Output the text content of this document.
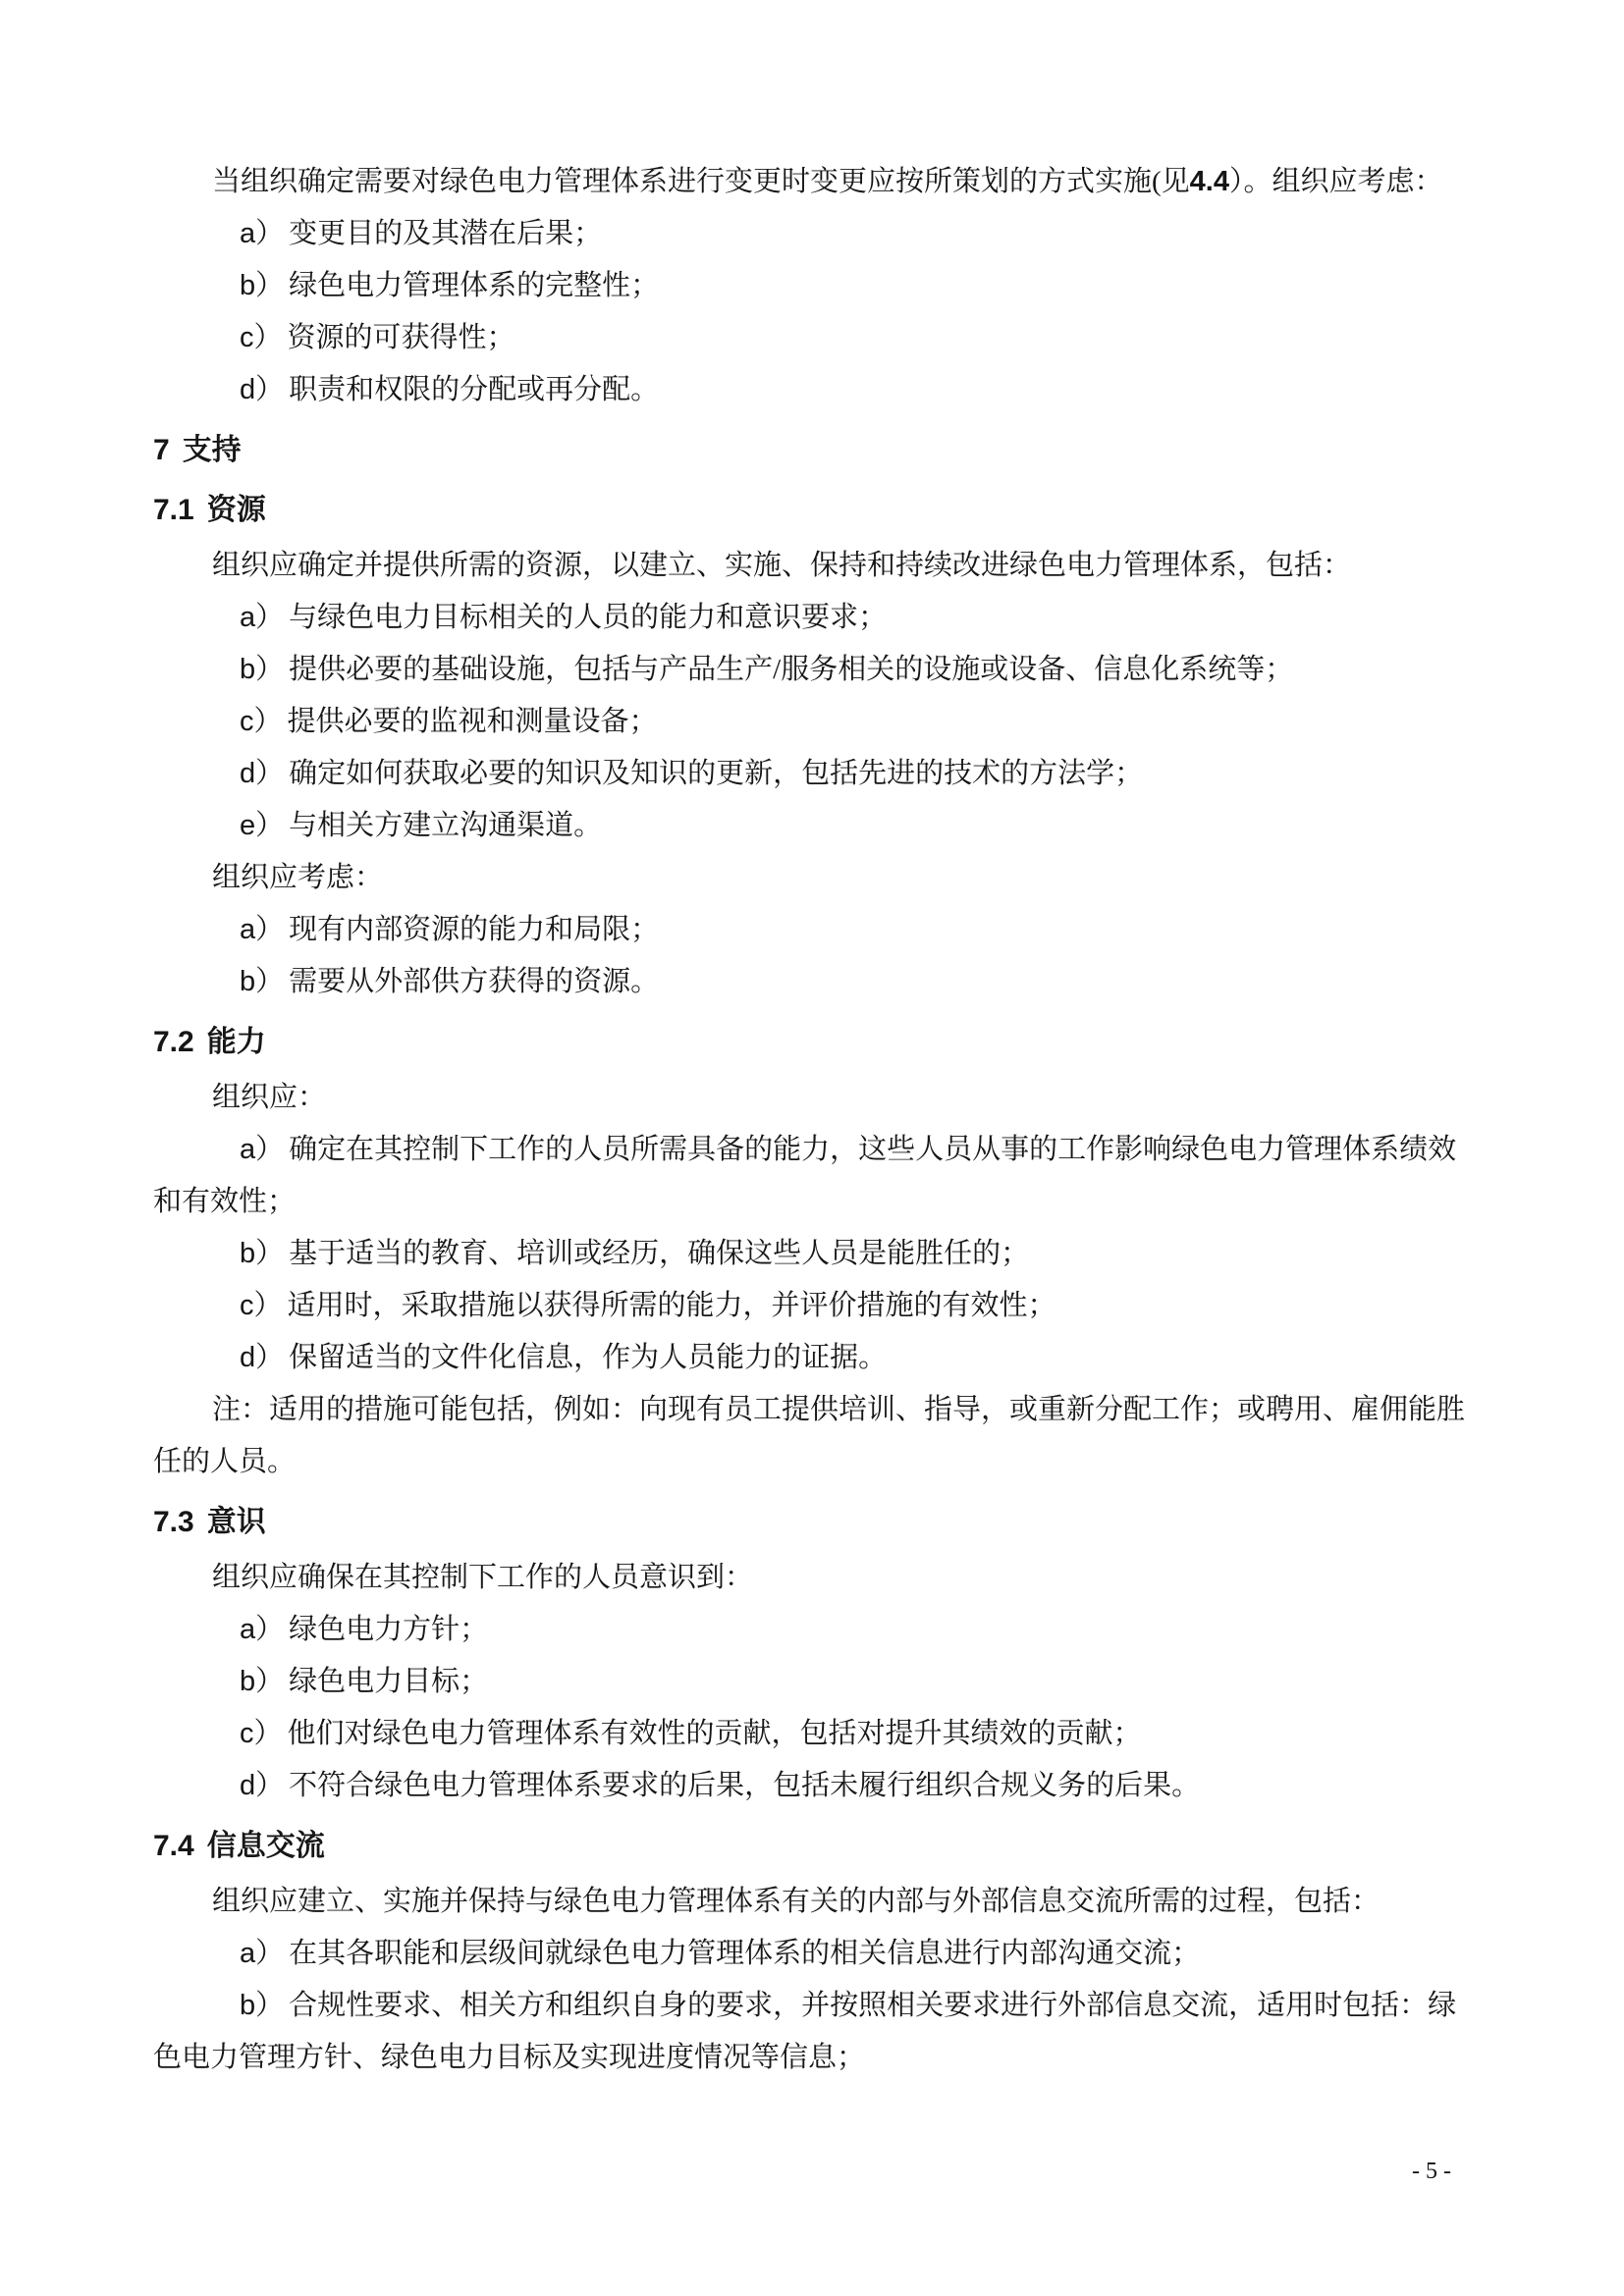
当组织确定需要对绿色电力管理体系进行变更时变更应按所策划的方式实施(见4.4）。组织应考虑：

a） 变更目的及其潜在后果；

b） 绿色电力管理体系的完整性；

c） 资源的可获得性；

d） 职责和权限的分配或再分配。

7 支持
7.1 资源

组织应确定并提供所需的资源，以建立、实施、保持和持续改进绿色电力管理体系，包括：

a） 与绿色电力目标相关的人员的能力和意识要求；

b） 提供必要的基础设施，包括与产品生产/服务相关的设施或设备、信息化系统等；

c） 提供必要的监视和测量设备；

d） 确定如何获取必要的知识及知识的更新，包括先进的技术的方法学；

e） 与相关方建立沟通渠道。

组织应考虑：

a） 现有内部资源的能力和局限；

b） 需要从外部供方获得的资源。

7.2 能力

组织应：

a） 确定在其控制下工作的人员所需具备的能力，这些人员从事的工作影响绿色电力管理体系绩效

和有效性；

b） 基于适当的教育、培训或经历，确保这些人员是能胜任的；

c） 适用时，采取措施以获得所需的能力，并评价措施的有效性；

d） 保留适当的文件化信息，作为人员能力的证据。

注：适用的措施可能包括，例如：向现有员工提供培训、指导，或重新分配工作；或聘用、雇佣能胜

任的人员。

7.3 意识

组织应确保在其控制下工作的人员意识到：

a） 绿色电力方针；

b） 绿色电力目标；

c） 他们对绿色电力管理体系有效性的贡献，包括对提升其绩效的贡献；

d） 不符合绿色电力管理体系要求的后果，包括未履行组织合规义务的后果。

7.4 信息交流

组织应建立、实施并保持与绿色电力管理体系有关的内部与外部信息交流所需的过程，包括：

a） 在其各职能和层级间就绿色电力管理体系的相关信息进行内部沟通交流；

b） 合规性要求、相关方和组织自身的要求，并按照相关要求进行外部信息交流，适用时包括：绿

色电力管理方针、绿色电力目标及实现进度情况等信息；

- 5 -
